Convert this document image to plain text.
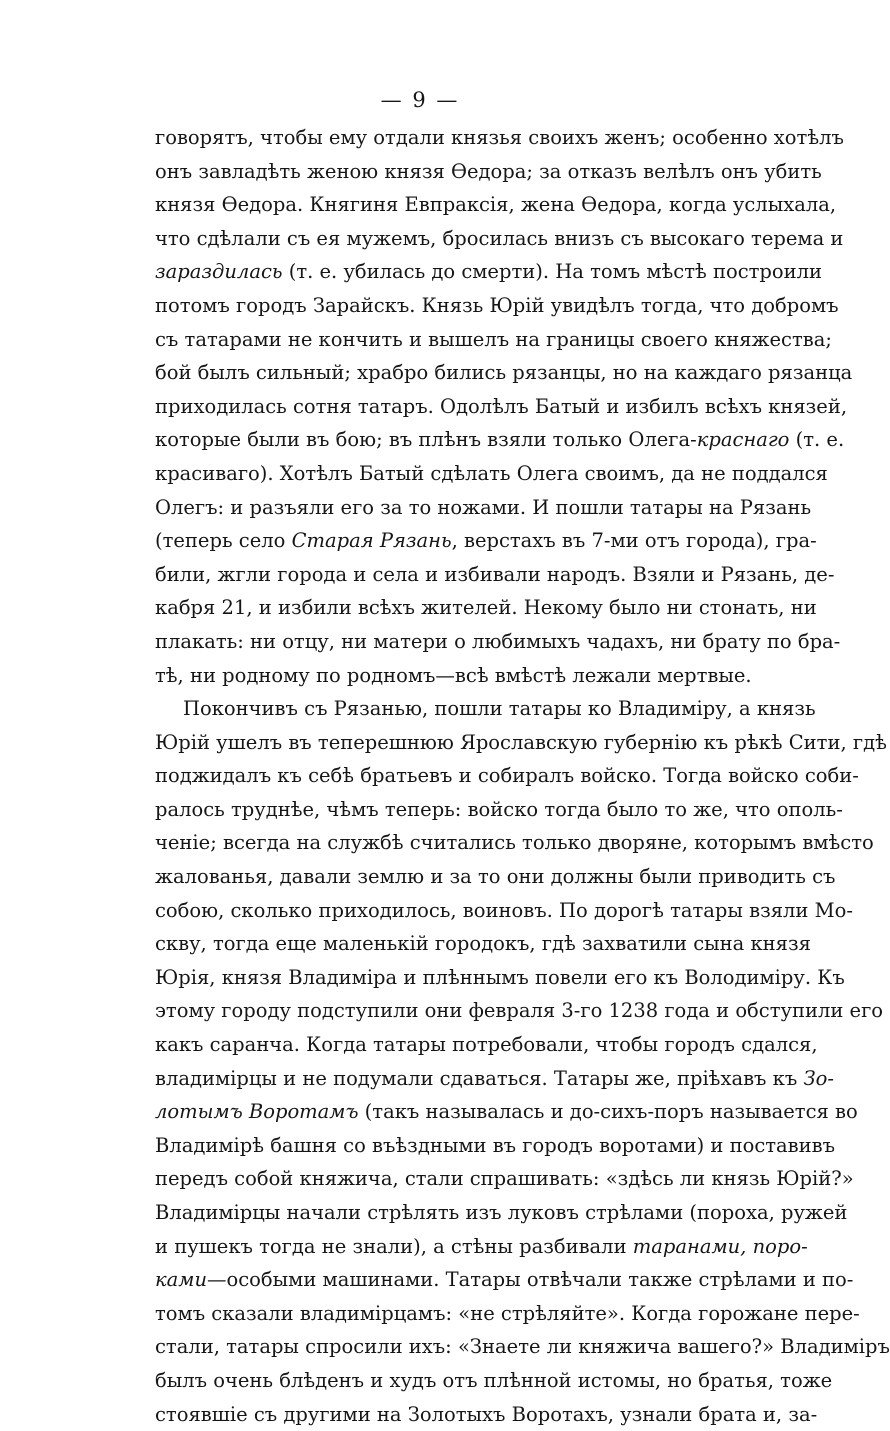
— 9 —
говорятъ, чтобы ему отдали князья своихъ женъ; особенно хотѣлъ
онъ завладѣть женою князя Ѳедора; за отказъ велѣлъ онъ убить
князя Ѳедора. Княгиня Евпраксія, жена Ѳедора, когда услыхала,
что сдѣлали съ ея мужемъ, бросилась внизъ съ высокаго терема и
зараздилась (т. е. убилась до смерти). На томъ мѣстѣ построили
потомъ городъ Зарайскъ. Князь Юрій увидѣлъ тогда, что добромъ
съ татарами не кончить и вышелъ на границы своего княжества;
бой былъ сильный; храбро бились рязанцы, но на каждаго рязанца
приходилась сотня татаръ. Одолѣлъ Батый и избилъ всѣхъ князей,
которые были въ бою; въ плѣнъ взяли только Олега-краснаго (т. е.
красиваго). Хотѣлъ Батый сдѣлать Олега своимъ, да не поддался
Олегъ: и разъяли его за то ножами. И пошли татары на Рязань
(теперь село Старая Рязань, верстахъ въ 7-ми отъ города), гра-
били, жгли города и села и избивали народъ. Взяли и Рязань, де-
кабря 21, и избили всѣхъ жителей. Некому было ни стонать, ни
плакать: ни отцу, ни матери о любимыхъ чадахъ, ни брату по бра-
тѣ, ни родному по родномъ—всѣ вмѣстѣ лежали мертвые.
Покончивъ съ Рязанью, пошли татары ко Владиміру, а князь
Юрій ушелъ въ теперешнюю Ярославскую губернію къ рѣкѣ Сити, гдѣ
поджидалъ къ себѣ братьевъ и собиралъ войско. Тогда войско соби-
ралось труднѣе, чѣмъ теперь: войско тогда было то же, что ополь-
ченіе; всегда на службѣ считались только дворяне, которымъ вмѣсто
жалованья, давали землю и за то они должны были приводить съ
собою, сколько приходилось, воиновъ. По дорогѣ татары взяли Мо-
скву, тогда еще маленькій городокъ, гдѣ захватили сына князя
Юрія, князя Владиміра и плѣннымъ повели его къ Володиміру. Къ
этому городу подступили они февраля 3-го 1238 года и обступили его
какъ саранча. Когда татары потребовали, чтобы городъ сдался,
владимірцы и не подумали сдаваться. Татары же, пріѣхавъ къ Зо-
лотымъ Воротамъ (такъ называлась и до-сихъ-поръ называется во
Владимірѣ башня со въѣздными въ городъ воротами) и поставивъ
передъ собой княжича, стали спрашивать: «здѣсь ли князь Юрій?»
Владимірцы начали стрѣлять изъ луковъ стрѣлами (пороха, ружей
и пушекъ тогда не знали), а стѣны разбивали таранами, поро-
ками—особыми машинами. Татары отвѣчали также стрѣлами и по-
томъ сказали владимірцамъ: «не стрѣляйте». Когда горожане пере-
стали, татары спросили ихъ: «Знаете ли княжича вашего?» Владиміръ
былъ очень блѣденъ и худъ отъ плѣнной истомы, но братья, тоже
стоявшіе съ другими на Золотыхъ Воротахъ, узнали брата и, за-
